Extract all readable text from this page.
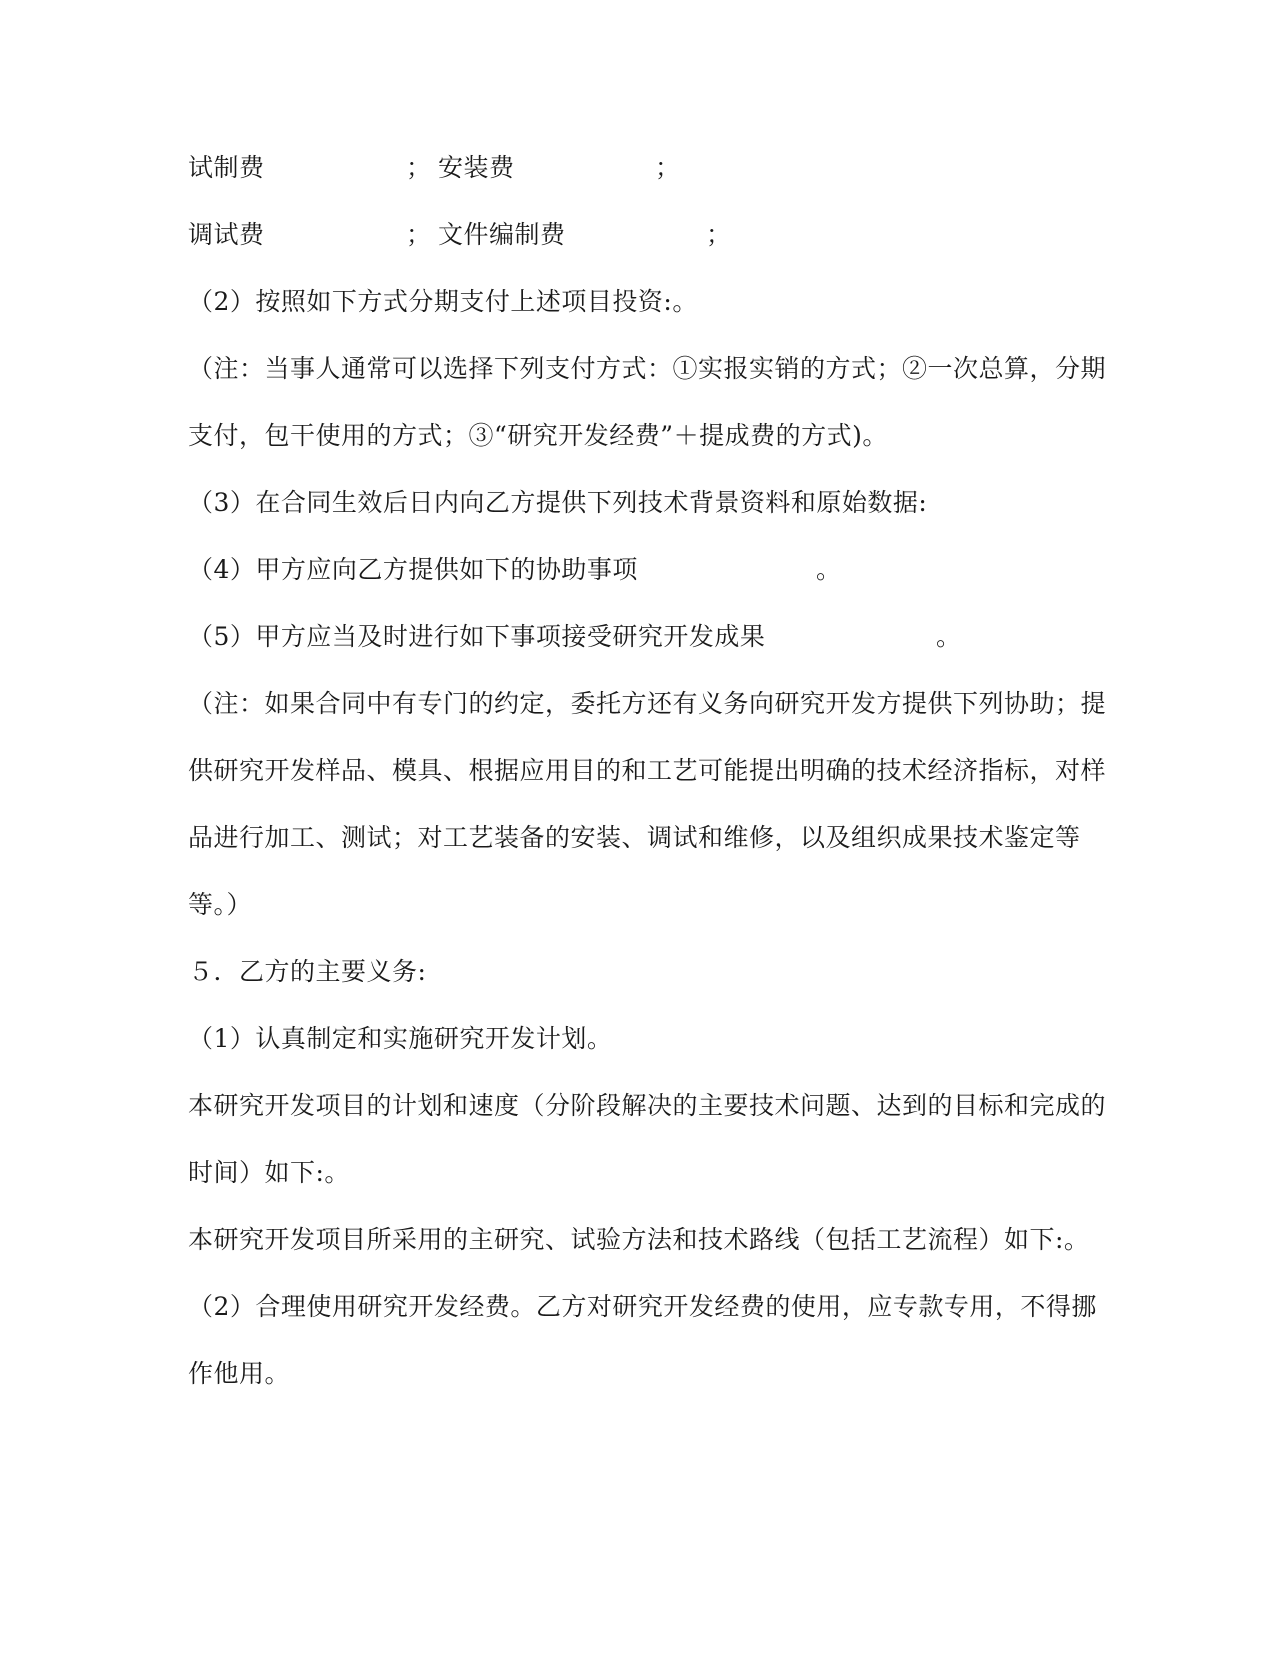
试制费	； 安装费	；
调试费	； 文件编制费	；
（2）按照如下方式分期支付上述项目投资:。
（注：当事人通常可以选择下列支付方式：①实报实销的方式；②一次总算，分期
支付，包干使用的方式；③“研究开发经费”＋提成费的方式)。
（3）在合同生效后日内向乙方提供下列技术背景资料和原始数据:
（4）甲方应向乙方提供如下的协助事项	。
（5）甲方应当及时进行如下事项接受研究开发成果	。
（注：如果合同中有专门的约定，委托方还有义务向研究开发方提供下列协助；提
供研究开发样品、模具、根据应用目的和工艺可能提出明确的技术经济指标，对样
品进行加工、测试；对工艺装备的安装、调试和维修，以及组织成果技术鉴定等
等。）
５．乙方的主要义务:
（1）认真制定和实施研究开发计划。
本研究开发项目的计划和速度（分阶段解决的主要技术问题、达到的目标和完成的
时间）如下:。
本研究开发项目所采用的主研究、试验方法和技术路线（包括工艺流程）如下:。
（2）合理使用研究开发经费。乙方对研究开发经费的使用，应专款专用，不得挪
作他用。
